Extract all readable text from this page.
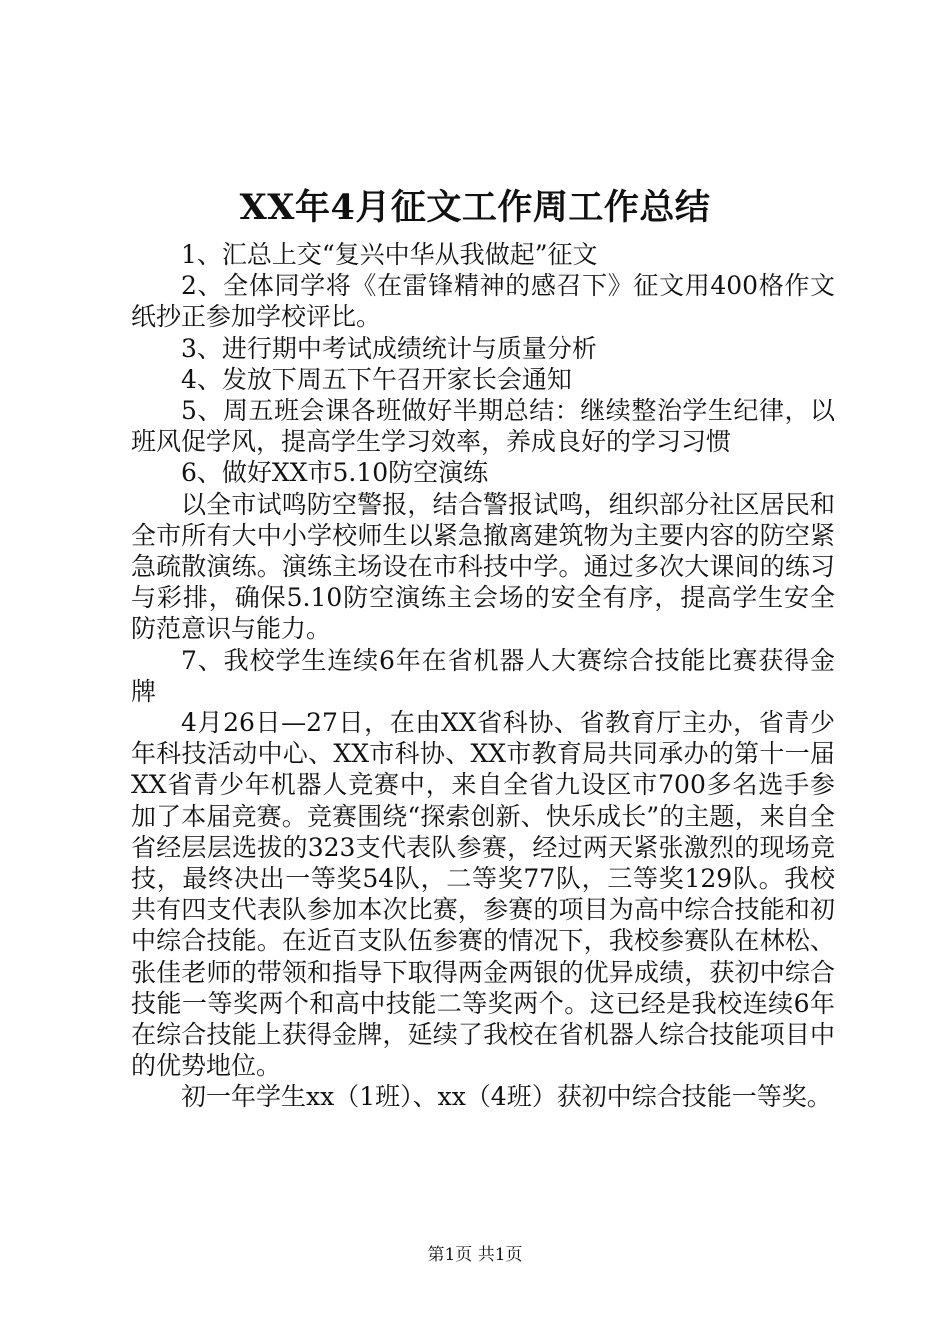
XX年4月征文工作周工作总结

1、汇总上交“复兴中华从我做起”征文

2、全体同学将《在雷锋精神的感召下》征文用400格作文纸抄正参加学校评比。

3、进行期中考试成绩统计与质量分析

4、发放下周五下午召开家长会通知

5、周五班会课各班做好半期总结：继续整治学生纪律，以班风促学风，提高学生学习效率，养成良好的学习习惯

6、做好XX市5.10防空演练

以全市试鸣防空警报，结合警报试鸣，组织部分社区居民和全市所有大中小学校师生以紧急撤离建筑物为主要内容的防空紧急疏散演练。演练主场设在市科技中学。通过多次大课间的练习与彩排，确保5.10防空演练主会场的安全有序，提高学生安全防范意识与能力。

7、我校学生连续6年在省机器人大赛综合技能比赛获得金牌

4月26日—27日，在由XX省科协、省教育厅主办，省青少年科技活动中心、XX市科协、XX市教育局共同承办的第十一届XX省青少年机器人竞赛中，来自全省九设区市700多名选手参加了本届竞赛。竞赛围绕“探索创新、快乐成长”的主题，来自全省经层层选拔的323支代表队参赛，经过两天紧张激烈的现场竞技，最终决出一等奖54队，二等奖77队，三等奖129队。我校共有四支代表队参加本次比赛，参赛的项目为高中综合技能和初中综合技能。在近百支队伍参赛的情况下，我校参赛队在林松、张佳老师的带领和指导下取得两金两银的优异成绩，获初中综合技能一等奖两个和高中技能二等奖两个。这已经是我校连续6年在综合技能上获得金牌，延续了我校在省机器人综合技能项目中的优势地位。

初一年学生xx（1班）、xx（4班）获初中综合技能一等奖。

第1页 共1页
